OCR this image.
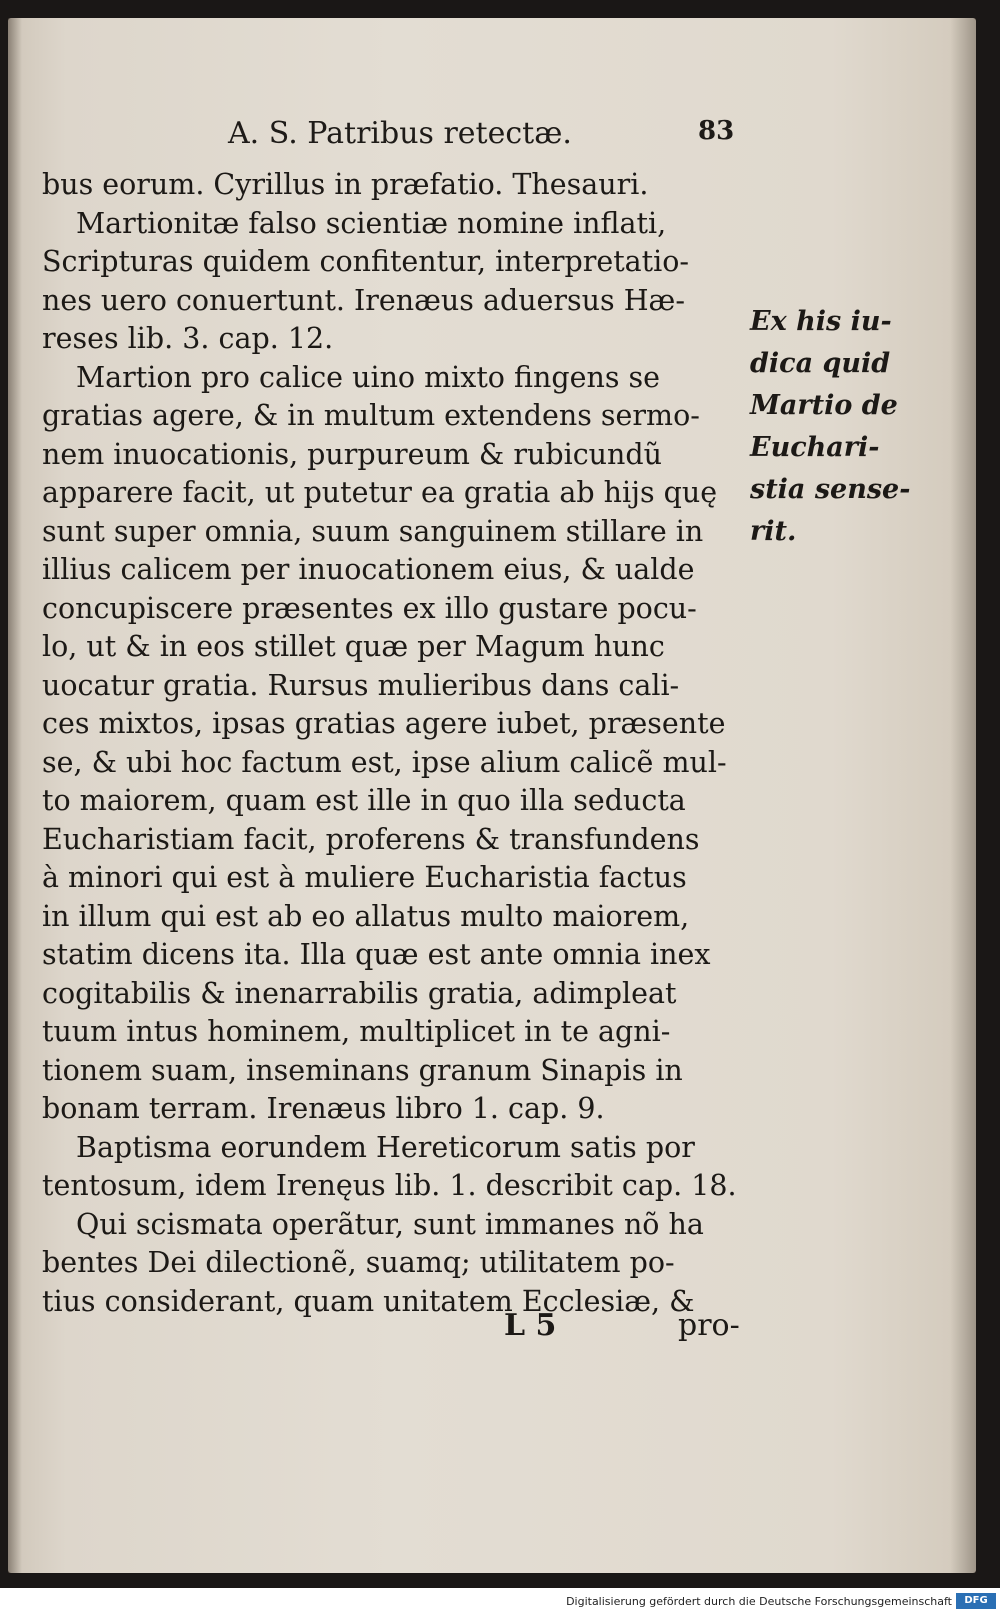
A. S. Patribus retectæ.	83
bus eorum. Cyrillus in præfatio. Thesauri.
Martionitæ falso scientiæ nomine inflati,
Scripturas quidem confitentur, interpretatio-
nes uero conuertunt. Irenæus aduersus Hæ-
reses lib. 3. cap. 12.
Martion pro calice uino mixto fingens se
gratias agere, & in multum extendens sermo-
nem inuocationis, purpureum & rubicundũ
apparere facit, ut putetur ea gratia ab hijs quę
sunt super omnia, suum sanguinem stillare in
illius calicem per inuocationem eius, & ualde
concupiscere præsentes ex illo gustare pocu-
lo, ut & in eos stillet quæ per Magum hunc
uocatur gratia. Rursus mulieribus dans cali-
ces mixtos, ipsas gratias agere iubet, præsente
se, & ubi hoc factum est, ipse alium calicẽ mul-
to maiorem, quam est ille in quo illa seducta
Eucharistiam facit, proferens & transfundens
à minori qui est à muliere Eucharistia factus
in illum qui est ab eo allatus multo maiorem,
statim dicens ita. Illa quæ est ante omnia inex
cogitabilis & inenarrabilis gratia, adimpleat
tuum intus hominem, multiplicet in te agni-
tionem suam, inseminans granum Sinapis in
bonam terram. Irenæus libro 1. cap. 9.
Baptisma eorundem Hereticorum satis por
tentosum, idem Irenęus lib. 1. describit cap. 18.
Qui scismata operãtur, sunt immanes nõ ha
bentes Dei dilectionẽ, suamq; utilitatem po-
tius considerant, quam unitatem Ecclesiæ, &
Ex his iu-
dica quid
Martio de
Euchari-
stia sense-
rit.
L 5	pro-
Digitalisierung gefördert durch die Deutsche Forschungsgemeinschaft	DFG
